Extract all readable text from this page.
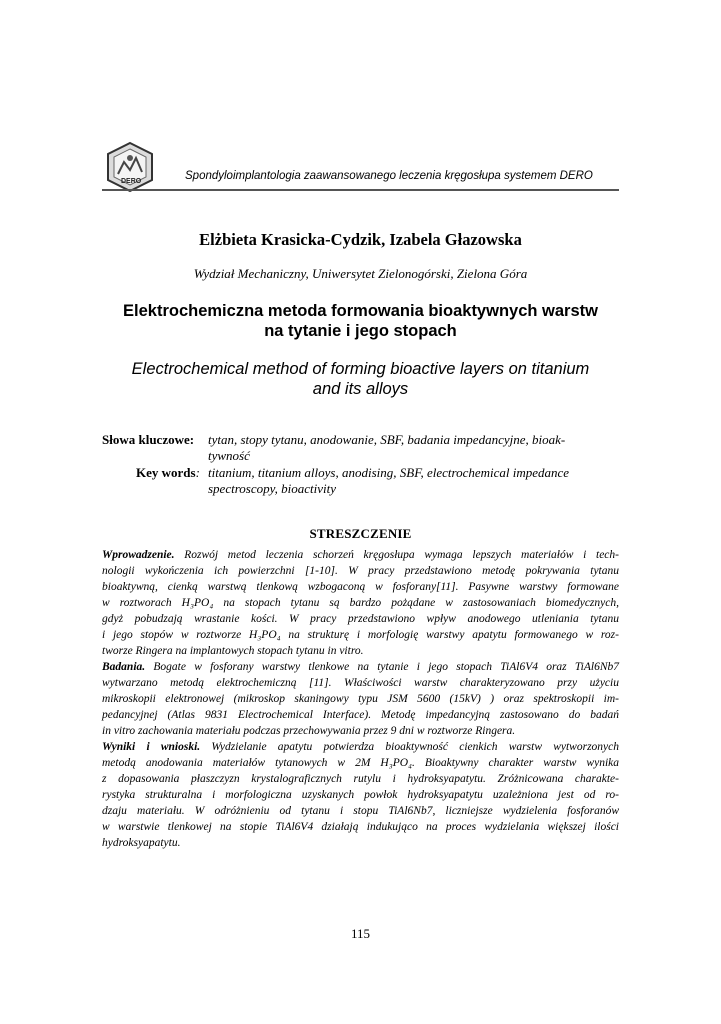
DERO	Spondyloimplantologia zaawansowanego leczenia kręgosłupa systemem DERO
Elżbieta Krasicka-Cydzik, Izabela Głazowska
Wydział Mechaniczny, Uniwersytet Zielonogórski, Zielona Góra
Elektrochemiczna metoda formowania bioaktywnych warstw
na tytanie i jego stopach
Electrochemical method of forming bioactive layers on titanium
and its alloys
Słowa kluczowe: tytan, stopy tytanu, anodowanie, SBF, badania impedancyjne, bioak-
tywność
Key words: titanium, titanium alloys, anodising, SBF, electrochemical impedance
spectroscopy, bioactivity
STRESZCZENIE
Wprowadzenie. Rozwój metod leczenia schorzeń kręgosłupa wymaga lepszych materiałów i tech-
nologii wykończenia ich powierzchni [1-10]. W pracy przedstawiono metodę pokrywania tytanu
bioaktywną, cienką warstwą tlenkową wzbogaconą w fosforany[11]. Pasywne warstwy formowane
w roztworach H₃PO₄ na stopach tytanu są bardzo pożądane w zastosowaniach biomedycznych,
gdyż pobudzają wrastanie kości. W pracy przedstawiono wpływ anodowego utleniania tytanu
i jego stopów w roztworze H₃PO₄ na strukturę i morfologię warstwy apatytu formowanego w roz-
tworze Ringera na implantowych stopach tytanu in vitro.
Badania. Bogate w fosforany warstwy tlenkowe na tytanie i jego stopach TiAl6V4 oraz TiAl6Nb7
wytwarzano metodą elektrochemiczną [11]. Właściwości warstw charakteryzowano przy użyciu
mikroskopii elektronowej (mikroskop skaningowy typu JSM 5600 (15kV) ) oraz spektroskopii im-
pedancyjnej (Atlas 9831 Electrochemical Interface). Metodę impedancyjną zastosowano do badań
in vitro zachowania materiału podczas przechowywania przez 9 dni w roztworze Ringera.
Wyniki i wnioski. Wydzielanie apatytu potwierdza bioaktywność cienkich warstw wytworzonych
metodą anodowania materiałów tytanowych w 2M H₃PO₄. Bioaktywny charakter warstw wynika
z dopasowania płaszczyzn krystalograficznych rutylu i hydroksyapatytu. Zróżnicowana charakte-
rystyka strukturalna i morfologiczna uzyskanych powłok hydroksyapatytu uzależniona jest od ro-
dzaju materiału. W odróżnieniu od tytanu i stopu TiAl6Nb7, liczniejsze wydzielenia fosforanów
w warstwie tlenkowej na stopie TiAl6V4 działają indukująco na proces wydzielania większej ilości
hydroksyapatytu.
115
